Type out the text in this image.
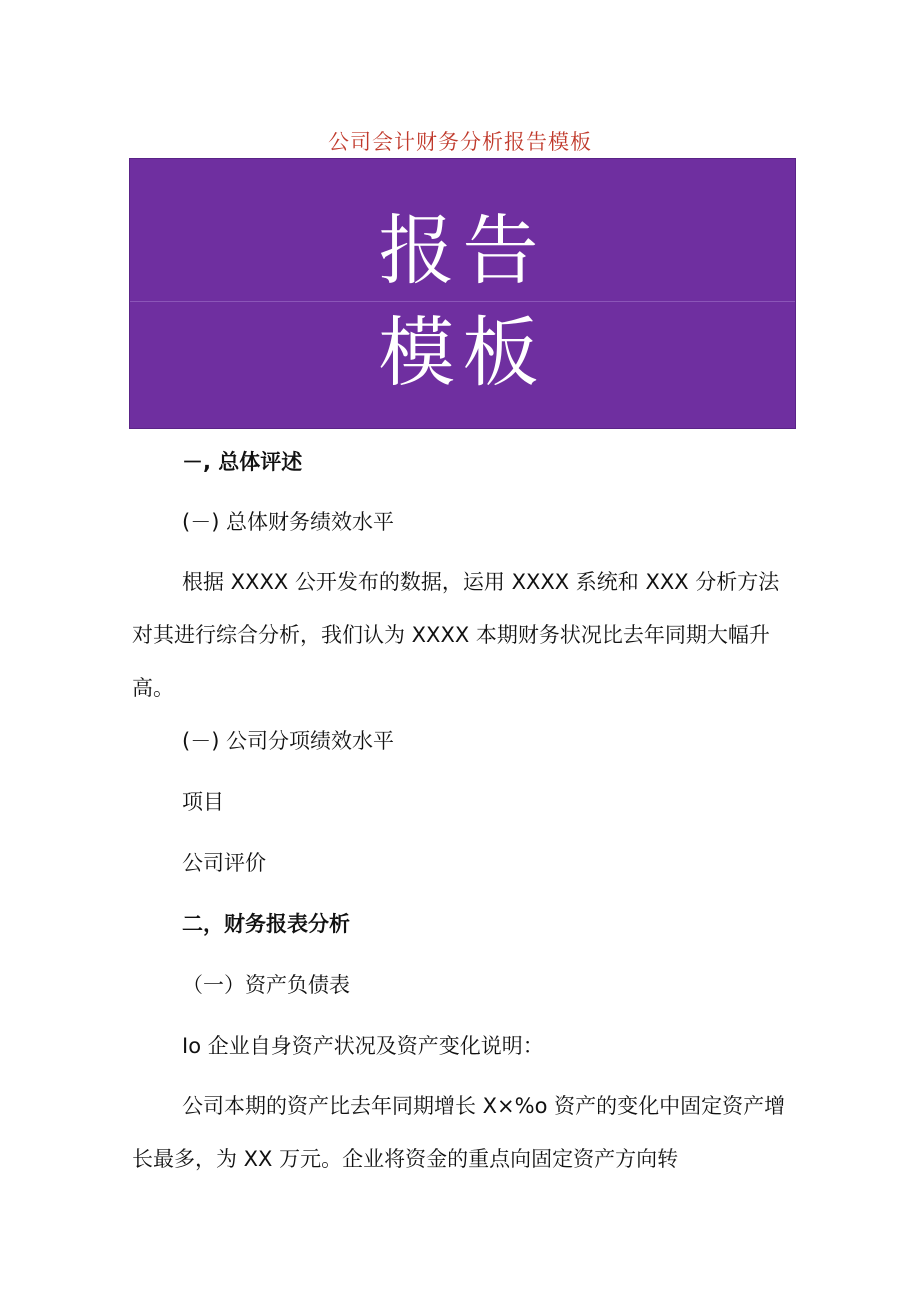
公司会计财务分析报告模板
报告
模板
－, 总体评述
(－) 总体财务绩效水平
根据 XXXX 公开发布的数据，运用 XXXX 系统和 XXX 分析方法对其进行综合分析，我们认为 XXXX 本期财务状况比去年同期大幅升高。
(－) 公司分项绩效水平
项目
公司评价
二，财务报表分析
（一）资产负债表
Io 企业自身资产状况及资产变化说明：
公司本期的资产比去年同期增长 X×%o 资产的变化中固定资产增长最多，为 XX 万元。企业将资金的重点向固定资产方向转
